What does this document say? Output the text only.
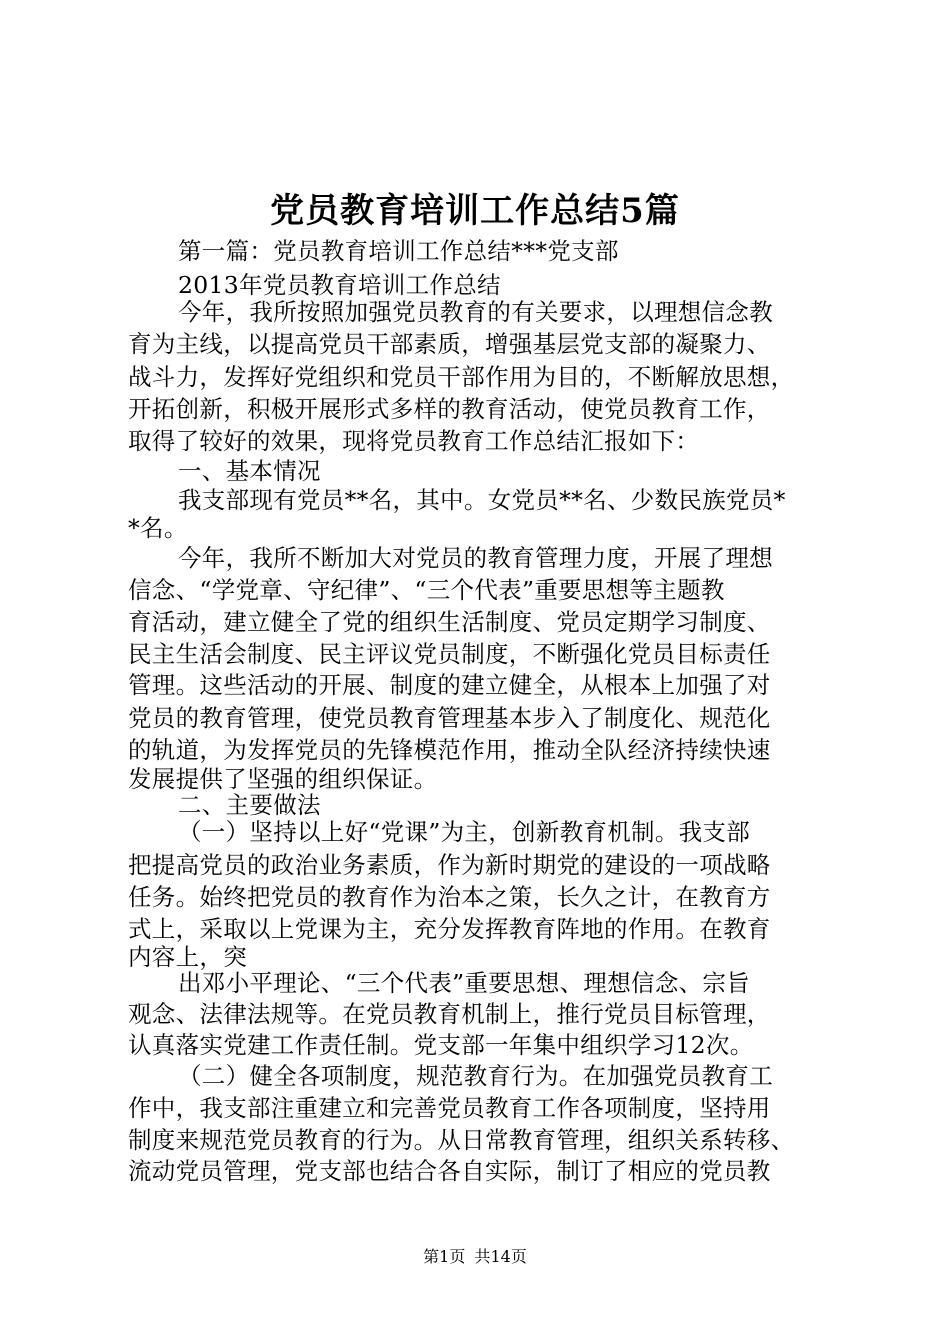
党员教育培训工作总结5篇
第一篇：党员教育培训工作总结***党支部
2013年党员教育培训工作总结
今年，我所按照加强党员教育的有关要求，以理想信念教
育为主线，以提高党员干部素质，增强基层党支部的凝聚力、
战斗力，发挥好党组织和党员干部作用为目的，不断解放思想，
开拓创新，积极开展形式多样的教育活动，使党员教育工作，
取得了较好的效果，现将党员教育工作总结汇报如下：
一、基本情况
我支部现有党员**名，其中。女党员**名、少数民族党员*
*名。
今年，我所不断加大对党员的教育管理力度，开展了理想
信念、“学党章、守纪律”、“三个代表”重要思想等主题教
育活动，建立健全了党的组织生活制度、党员定期学习制度、
民主生活会制度、民主评议党员制度，不断强化党员目标责任
管理。这些活动的开展、制度的建立健全，从根本上加强了对
党员的教育管理，使党员教育管理基本步入了制度化、规范化
的轨道，为发挥党员的先锋模范作用，推动全队经济持续快速
发展提供了坚强的组织保证。
二、主要做法
（一）坚持以上好“党课”为主，创新教育机制。我支部
把提高党员的政治业务素质，作为新时期党的建设的一项战略
任务。始终把党员的教育作为治本之策，长久之计，在教育方
式上，采取以上党课为主，充分发挥教育阵地的作用。在教育
内容上，突
出邓小平理论、“三个代表”重要思想、理想信念、宗旨
观念、法律法规等。在党员教育机制上，推行党员目标管理，
认真落实党建工作责任制。党支部一年集中组织学习12次。
（二）健全各项制度，规范教育行为。在加强党员教育工
作中，我支部注重建立和完善党员教育工作各项制度，坚持用
制度来规范党员教育的行为。从日常教育管理，组织关系转移、
流动党员管理，党支部也结合各自实际，制订了相应的党员教
第1页 共14页
